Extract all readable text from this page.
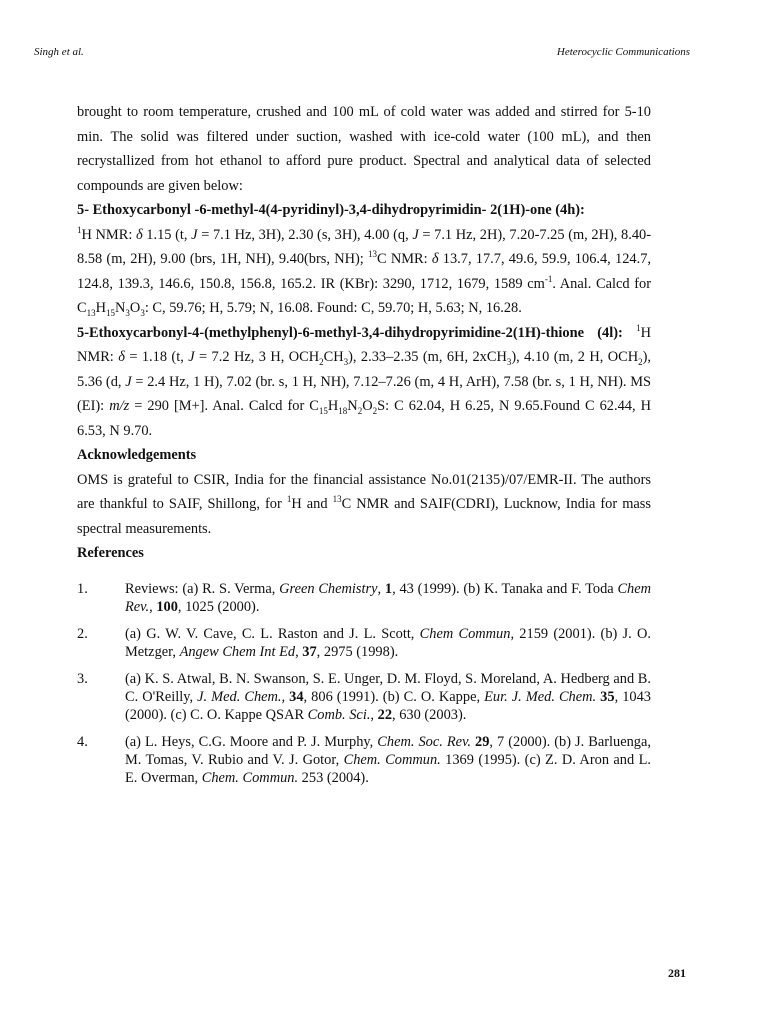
Singh et al.	Heterocyclic Communications

brought to room temperature, crushed and 100 mL of cold water was added and stirred for 5-10 min. The solid was filtered under suction, washed with ice-cold water (100 mL), and then recrystallized from hot ethanol to afford pure product. Spectral and analytical data of selected compounds are given below:

5- Ethoxycarbonyl -6-methyl-4(4-pyridinyl)-3,4-dihydropyrimidin- 2(1H)-one (4h):
$^1$H NMR: δ 1.15 (t, J = 7.1 Hz, 3H), 2.30 (s, 3H), 4.00 (q, J = 7.1 Hz, 2H), 7.20-7.25 (m, 2H), 8.40-8.58 (m, 2H), 9.00 (brs, 1H, NH), 9.40(brs, NH); $^{13}$C NMR: δ 13.7, 17.7, 49.6, 59.9, 106.4, 124.7, 124.8, 139.3, 146.6, 150.8, 156.8, 165.2. IR (KBr): 3290, 1712, 1679, 1589 $cm^{-1}$. Anal. Calcd for $C_{13}H_{15}N_3O_3$: C, 59.76; H, 5.79; N, 16.08. Found: C, 59.70; H, 5.63; N, 16.28.

5-Ethoxycarbonyl-4-(methylphenyl)-6-methyl-3,4-dihydropyrimidine-2(1H)-thione (4l): $^1$H NMR: δ = 1.18 (t, J = 7.2 Hz, 3 H, $OCH_2CH_3$), 2.33–2.35 (m, 6H, 2xCH$_3$), 4.10 (m, 2 H, $OCH_2$), 5.36 (d, J = 2.4 Hz, 1 H), 7.02 (br. s, 1 H, NH), 7.12–7.26 (m, 4 H, ArH), 7.58 (br. s, 1 H, NH). MS (EI): m/z = 290 [M+]. Anal. Calcd for $C_{15}H_{18}N_2O_2S$: C 62.04, H 6.25, N 9.65.Found C 62.44, H 6.53, N 9.70.

Acknowledgements

OMS is grateful to CSIR, India for the financial assistance No.01(2135)/07/EMR-II. The authors are thankful to SAIF, Shillong, for $^1$H and $^{13}$C NMR and SAIF(CDRI), Lucknow, India for mass spectral measurements.

References

1.	Reviews: (a) R. S. Verma, Green Chemistry, 1, 43 (1999). (b) K. Tanaka and F. Toda Chem Rev., 100, 1025 (2000).
2.	(a) G. W. V. Cave, C. L. Raston and J. L. Scott, Chem Commun, 2159 (2001). (b) J. O. Metzger, Angew Chem Int Ed, 37, 2975 (1998).
3.	(a) K. S. Atwal, B. N. Swanson, S. E. Unger, D. M. Floyd, S. Moreland, A. Hedberg and B. C. O'Reilly, J. Med. Chem., 34, 806 (1991). (b) C. O. Kappe, Eur. J. Med. Chem. 35, 1043 (2000). (c) C. O. Kappe QSAR Comb. Sci., 22, 630 (2003).
4.	(a) L. Heys, C.G. Moore and P. J. Murphy, Chem. Soc. Rev. 29, 7 (2000). (b) J. Barluenga, M. Tomas, V. Rubio and V. J. Gotor, Chem. Commun. 1369 (1995). (c) Z. D. Aron and L. E. Overman, Chem. Commun. 253 (2004).
281
